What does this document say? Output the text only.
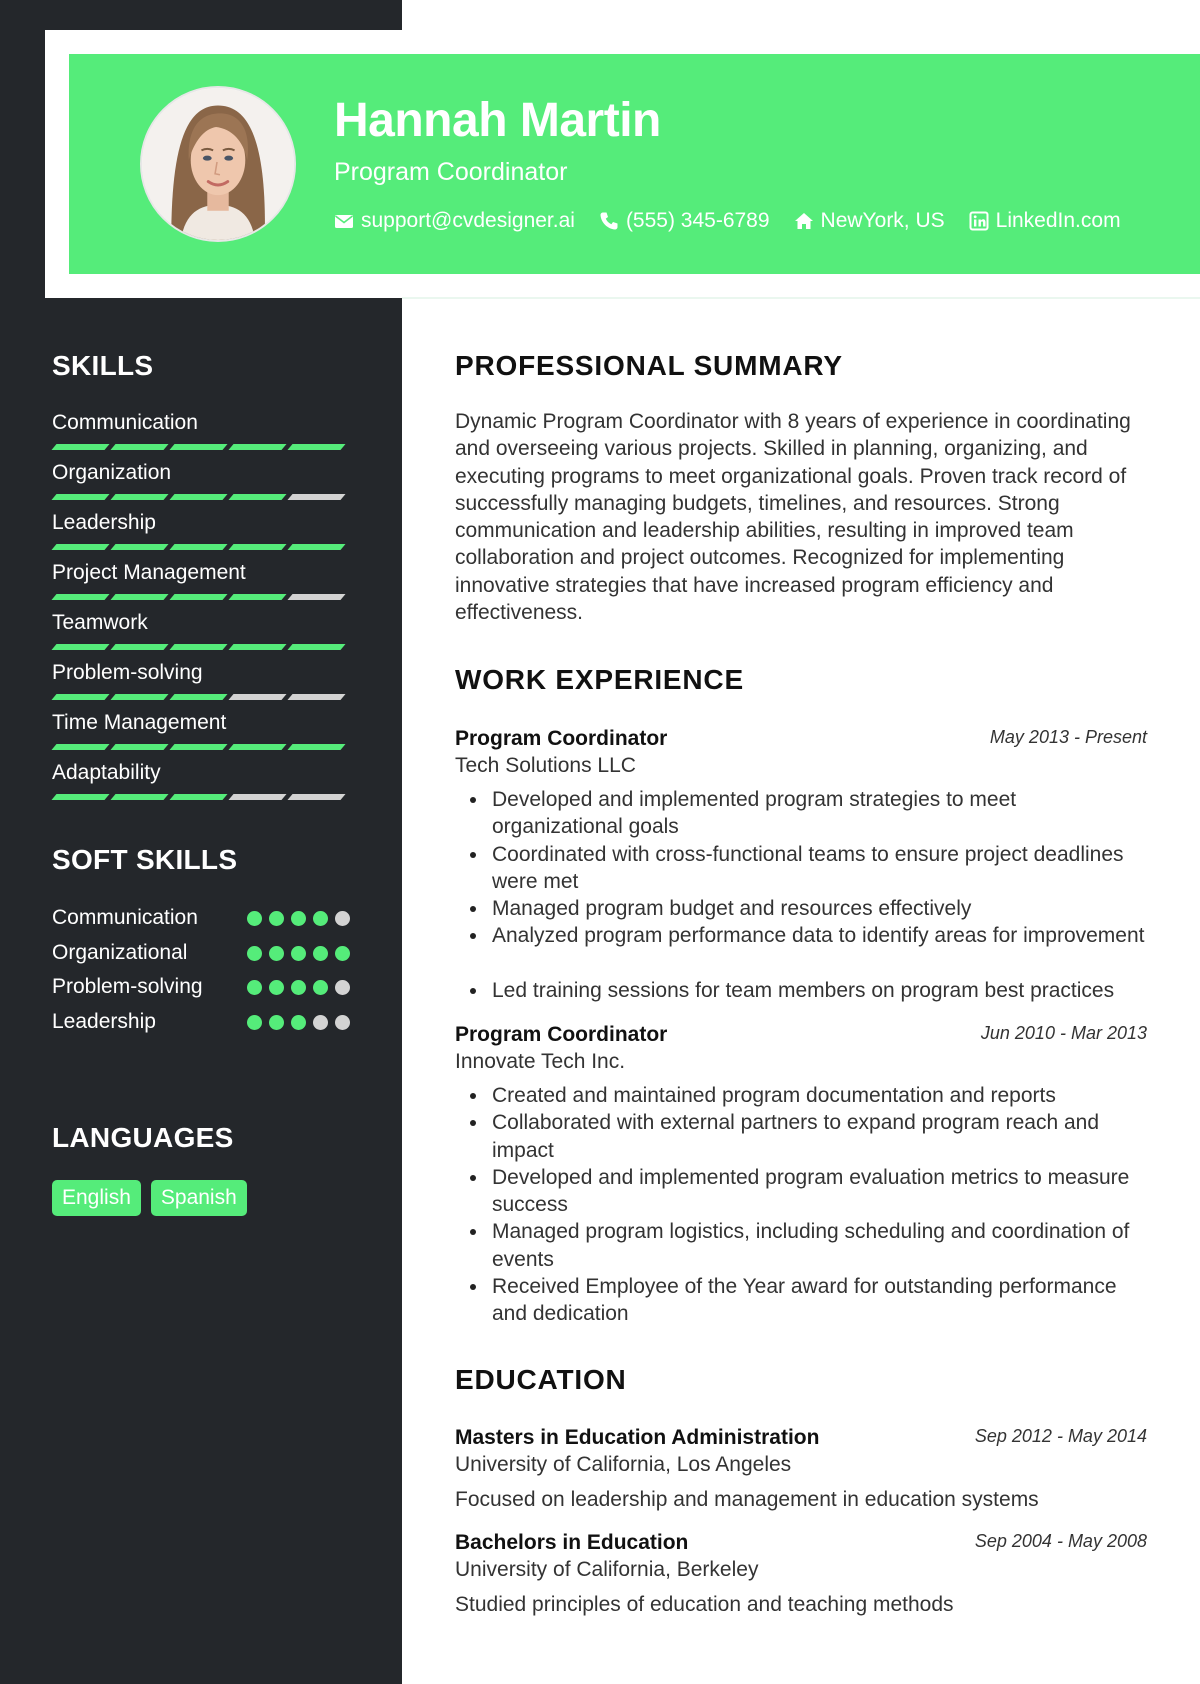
Hannah Martin
Program Coordinator
support@cvdesigner.ai (555) 345-6789 NewYork, US LinkedIn.com
SKILLS
Communication
Organization
Leadership
Project Management
Teamwork
Problem-solving
Time Management
Adaptability
SOFT SKILLS
Communication
Organizational
Problem-solving
Leadership
LANGUAGES
English	Spanish
PROFESSIONAL SUMMARY
Dynamic Program Coordinator with 8 years of experience in coordinating and overseeing various projects. Skilled in planning, organizing, and executing programs to meet organizational goals. Proven track record of successfully managing budgets, timelines, and resources. Strong communication and leadership abilities, resulting in improved team collaboration and project outcomes. Recognized for implementing innovative strategies that have increased program efficiency and effectiveness.
WORK EXPERIENCE
Program Coordinator	May 2013 - Present
Tech Solutions LLC
Developed and implemented program strategies to meet organizational goals
Coordinated with cross-functional teams to ensure project deadlines were met
Managed program budget and resources effectively
Analyzed program performance data to identify areas for improvement
Led training sessions for team members on program best practices
Program Coordinator	Jun 2010 - Mar 2013
Innovate Tech Inc.
Created and maintained program documentation and reports
Collaborated with external partners to expand program reach and impact
Developed and implemented program evaluation metrics to measure success
Managed program logistics, including scheduling and coordination of events
Received Employee of the Year award for outstanding performance and dedication
EDUCATION
Masters in Education Administration	Sep 2012 - May 2014
University of California, Los Angeles
Focused on leadership and management in education systems
Bachelors in Education	Sep 2004 - May 2008
University of California, Berkeley
Studied principles of education and teaching methods
